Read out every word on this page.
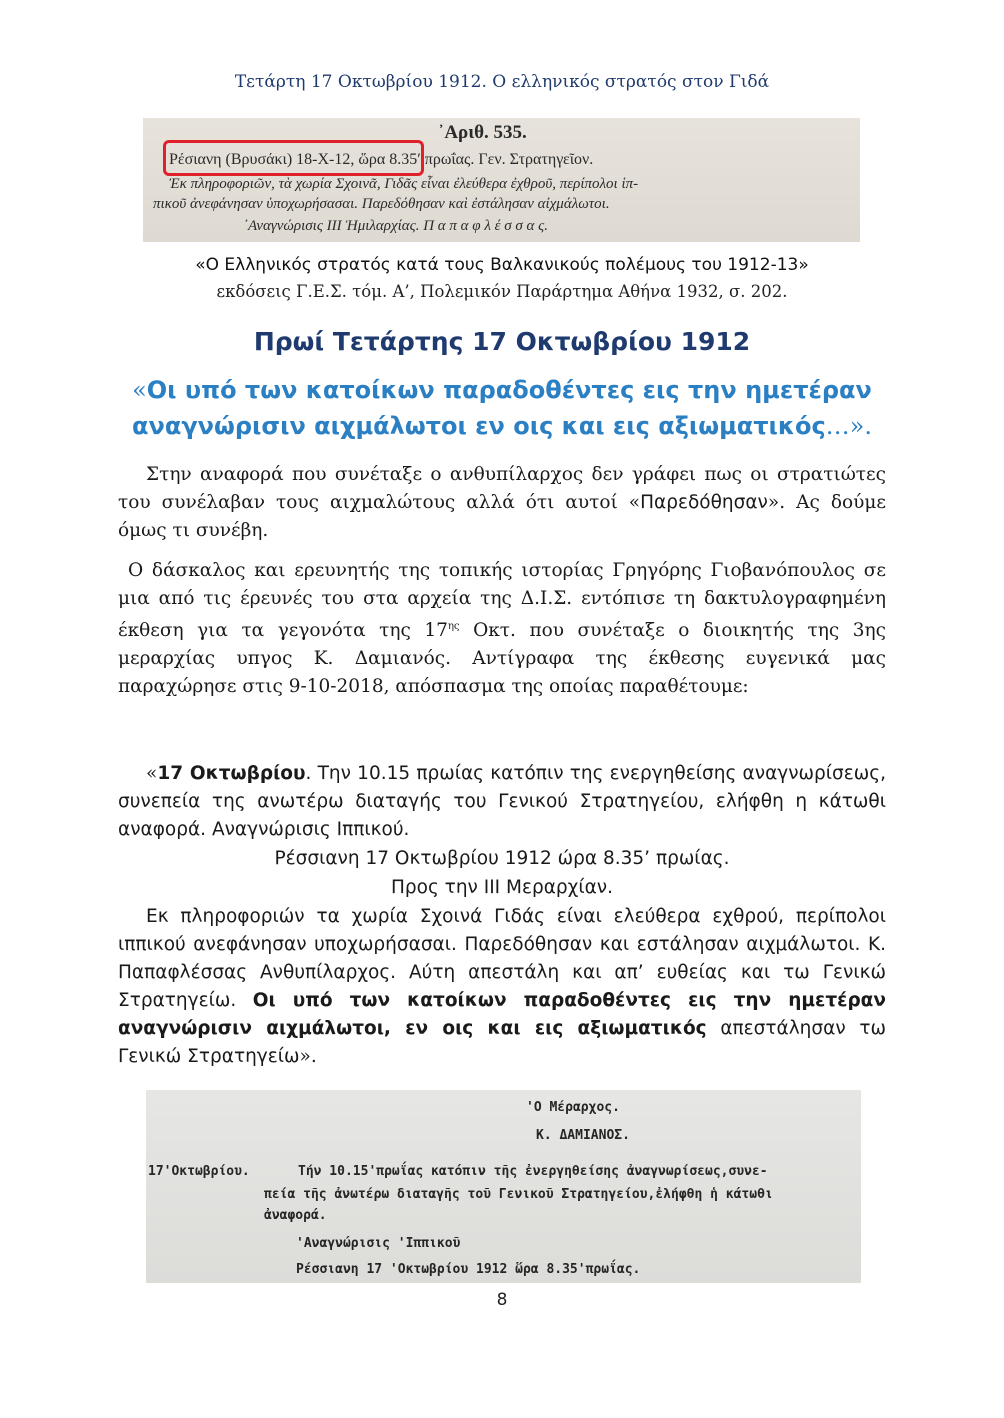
Τετάρτη 17 Οκτωβρίου 1912. Ο ελληνικός στρατός στον Γιδά
᾿Αριθ. 535.
Ρέσιανη (Βρυσάκι) 18-Χ-12, ὥρα 8.35′ πρωΐας. Γεν. Στρατηγεῖον.
Ἐκ πληροφοριῶν, τὰ χωρία Σχοινᾶ, Γιδᾶς εἶναι ἐλεύθερα ἐχθροῦ, περίπολοι ἱπ-
πικοῦ ἀνεφάνησαν ὑποχωρήσασαι. Παρεδόθησαν καὶ ἐστάλησαν αἰχμάλωτοι.
᾿Αναγνώρισις ΙΙΙ Ἡμιλαρχίας. Π α π α φ λ έ σ σ α ς.
«Ο Ελληνικός στρατός κατά τους Βαλκανικούς πολέμους του 1912-13»
εκδόσεις Γ.Ε.Σ. τόμ. Α’, Πολεμικόν Παράρτημα Αθήνα 1932, σ. 202.
Πρωί Τετάρτης 17 Οκτωβρίου 1912
«Οι υπό των κατοίκων παραδοθέντες εις την ημετέραν
αναγνώρισιν αιχμάλωτοι εν οις και εις αξιωματικός…».
Στην αναφορά που συνέταξε ο ανθυπίλαρχος δεν γράφει πως οι στρατιώτες του συνέλαβαν τους αιχμαλώτους αλλά ότι αυτοί «Παρεδόθησαν». Ας δούμε όμως τι συνέβη.
Ο δάσκαλος και ερευνητής της τοπικής ιστορίας Γρηγόρης Γιοβανόπουλος σε μια από τις έρευνές του στα αρχεία της Δ.Ι.Σ. εντόπισε τη δακτυλογραφημένη έκθεση για τα γεγονότα της $17^{\eta\varsigma}$ Οκτ. που συνέταξε ο διοικητής της 3ης μεραρχίας υπγος Κ. Δαμιανός. Αντίγραφα της έκθεσης ευγενικά μας παραχώρησε στις 9-10-2018, απόσπασμα της οποίας παραθέτουμε:
«17 Οκτωβρίου. Την 10.15 πρωίας κατόπιν της ενεργηθείσης αναγνωρίσεως, συνεπεία της ανωτέρω διαταγής του Γενικού Στρατηγείου, ελήφθη η κάτωθι αναφορά. Αναγνώρισις Ιππικού.
Ρέσσιανη 17 Οκτωβρίου 1912 ώρα 8.35’ πρωίας.
Προς την ΙΙΙ Μεραρχίαν.
Εκ πληροφοριών τα χωρία Σχοινά Γιδάς είναι ελεύθερα εχθρού, περίπολοι ιππικού ανεφάνησαν υποχωρήσασαι. Παρεδόθησαν και εστάλησαν αιχμάλωτοι. Κ. Παπαφλέσσας Ανθυπίλαρχος. Αύτη απεστάλη και απ’ ευθείας και τω Γενικώ Στρατηγείω. Οι υπό των κατοίκων παραδοθέντες εις την ημετέραν αναγνώρισιν αιχμάλωτοι, εν οις και εις αξιωματικός απεστάλησαν τω Γενικώ Στρατηγείω».
'Ο Μέραρχος.
Κ. ΔΑΜΙΑΝΟΣ.
17'Οκτωβρίου.	Τήν 10.15'πρωΐας κατόπιν τῆς ἐνεργηθείσης ἀναγνωρίσεως,συνε-
πεία τῆς ἀνωτέρω διαταγῆς τοῦ Γενικοῦ Στρατηγείου,ἐλήφθη ἡ κάτωθι
ἀναφορά.
'Αναγνώρισις 'Ιππικοῦ
Ρέσσιανη 17 'Οκτωβρίου 1912 ὥρα 8.35'πρωΐας.
8
